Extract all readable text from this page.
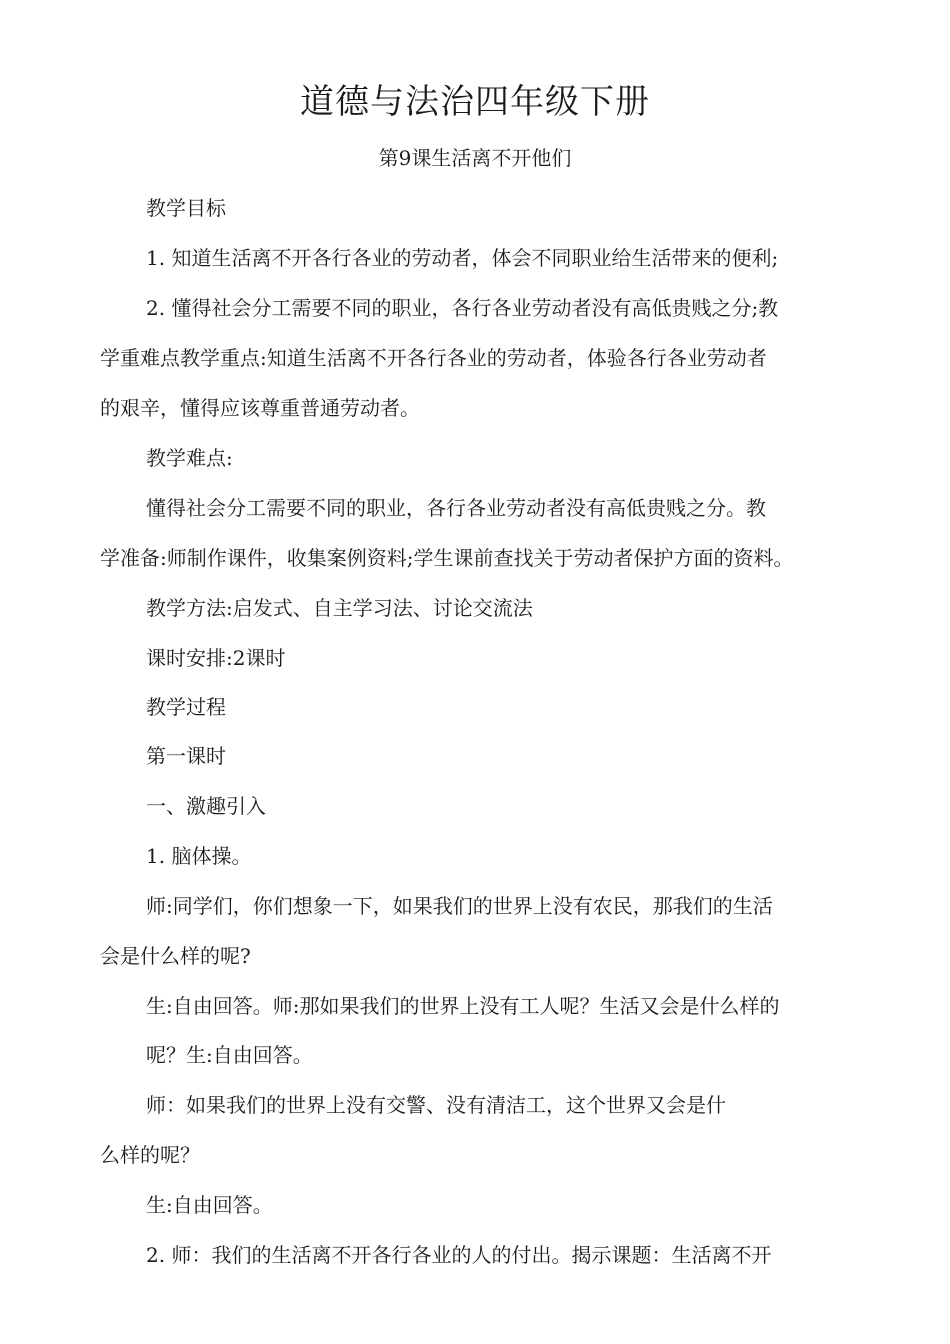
道德与法治四年级下册
第9课生活离不开他们
教学目标
1. 知道生活离不开各行各业的劳动者，体会不同职业给生活带来的便利;
2. 懂得社会分工需要不同的职业，各行各业劳动者没有高低贵贱之分;教
学重难点教学重点:知道生活离不开各行各业的劳动者，体验各行各业劳动者
的艰辛，懂得应该尊重普通劳动者。
教学难点:
懂得社会分工需要不同的职业，各行各业劳动者没有高低贵贱之分。教
学准备:师制作课件，收集案例资料;学生课前查找关于劳动者保护方面的资料。
教学方法:启发式、自主学习法、讨论交流法
课时安排:2课时
教学过程
第一课时
一、激趣引入
1. 脑体操。
师:同学们，你们想象一下，如果我们的世界上没有农民，那我们的生活
会是什么样的呢?
生:自由回答。师:那如果我们的世界上没有工人呢？生活又会是什么样的
呢？生:自由回答。
师：如果我们的世界上没有交警、没有清洁工，这个世界又会是什
么样的呢？
生:自由回答。
2. 师：我们的生活离不开各行各业的人的付出。揭示课题：生活离不开
